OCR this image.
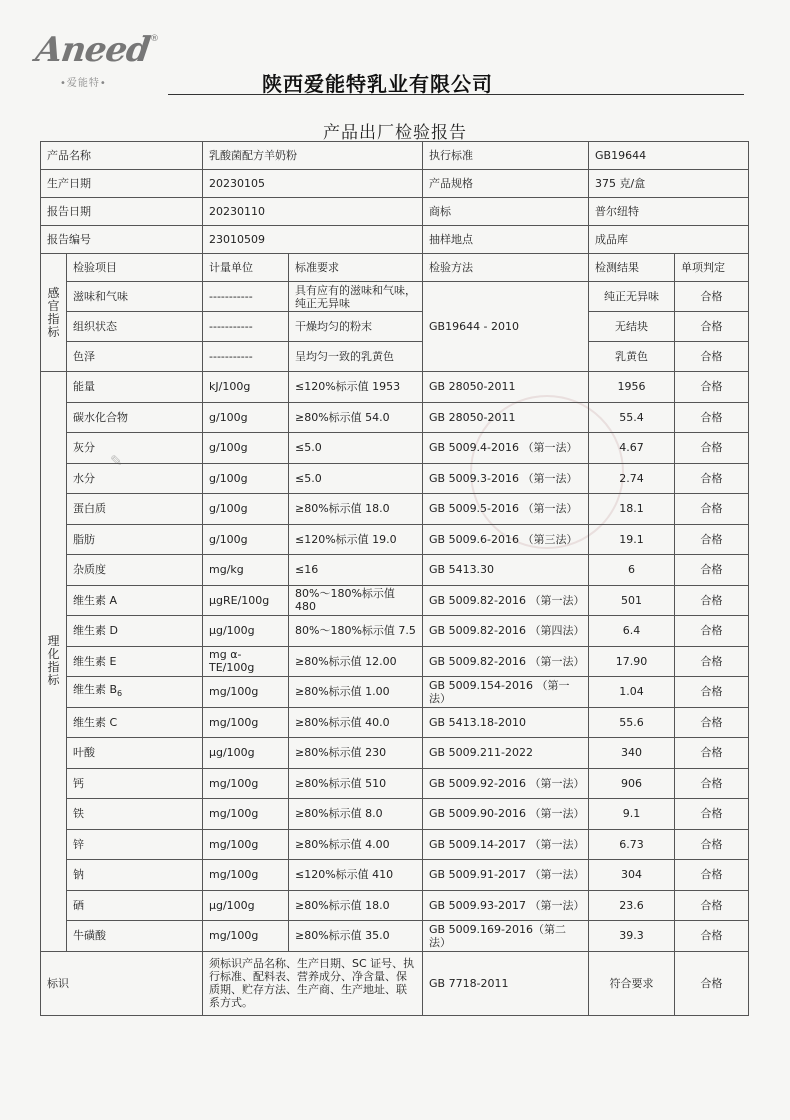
Aneed
®
•爱能特•	陕西爱能特乳业有限公司
产品出厂检验报告
✎
产品名称		乳酸菌配方羊奶粉		执行标准	GB19644	
生产日期		20230105		产品规格	375 克/盒	
报告日期		20230110		商标	普尔纽特	
报告编号		23010509		抽样地点	成品库	

感
官
指
标	检验项目	计量单位	标准要求	检验方法	检测结果	单项判定
	滋味和气味	-----------	具有应有的滋味和气味，纯正无异味	GB19644 - 2010	纯正无异味	合格
	组织状态	-----------	干燥均匀的粉末		无结块	合格
	色泽	-----------	呈均匀一致的乳黄色		乳黄色	合格

理
化
指
标	能量	kJ/100g	≤120%标示值 1953	GB 28050-2011	1956	合格
	碳水化合物	g/100g	≥80%标示值 54.0	GB 28050-2011	55.4	合格
	灰分	g/100g	≤5.0	GB 5009.4-2016 （第一法）	4.67	合格
	水分	g/100g	≤5.0	GB 5009.3-2016 （第一法）	2.74	合格
	蛋白质	g/100g	≥80%标示值 18.0	GB 5009.5-2016 （第一法）	18.1	合格
	脂肪	g/100g	≤120%标示值 19.0	GB 5009.6-2016 （第三法）	19.1	合格
	杂质度	mg/kg	≤16	GB 5413.30	6	合格
	维生素 A	μgRE/100g	80%～180%标示值 480	GB 5009.82-2016 （第一法）	501	合格
	维生素 D	μg/100g	80%～180%标示值 7.5	GB 5009.82-2016 （第四法）	6.4	合格
	维生素 E	mg α-TE/100g	≥80%标示值 12.00	GB 5009.82-2016 （第一法）	17.90	合格
	维生素 $B_6$	mg/100g	≥80%标示值 1.00	GB 5009.154-2016 （第一法）	1.04	合格
	维生素 C	mg/100g	≥80%标示值 40.0	GB 5413.18-2010	55.6	合格
	叶酸	μg/100g	≥80%标示值 230	GB 5009.211-2022	340	合格
	钙	mg/100g	≥80%标示值 510	GB 5009.92-2016 （第一法）	906	合格
	铁	mg/100g	≥80%标示值 8.0	GB 5009.90-2016 （第一法）	9.1	合格
	锌	mg/100g	≥80%标示值 4.00	GB 5009.14-2017 （第一法）	6.73	合格
	钠	mg/100g	≤120%标示值 410	GB 5009.91-2017 （第一法）	304	合格
	硒	μg/100g	≥80%标示值 18.0	GB 5009.93-2017 （第一法）	23.6	合格
	牛磺酸	mg/100g	≥80%标示值 35.0	GB 5009.169-2016（第二法）	39.3	合格
标识		须标识产品名称、生产日期、SC 证号、执行标准、配料表、营养成分、净含量、保质期、贮存方法、生产商、生产地址、联系方式。		GB 7718-2011	符合要求	合格
